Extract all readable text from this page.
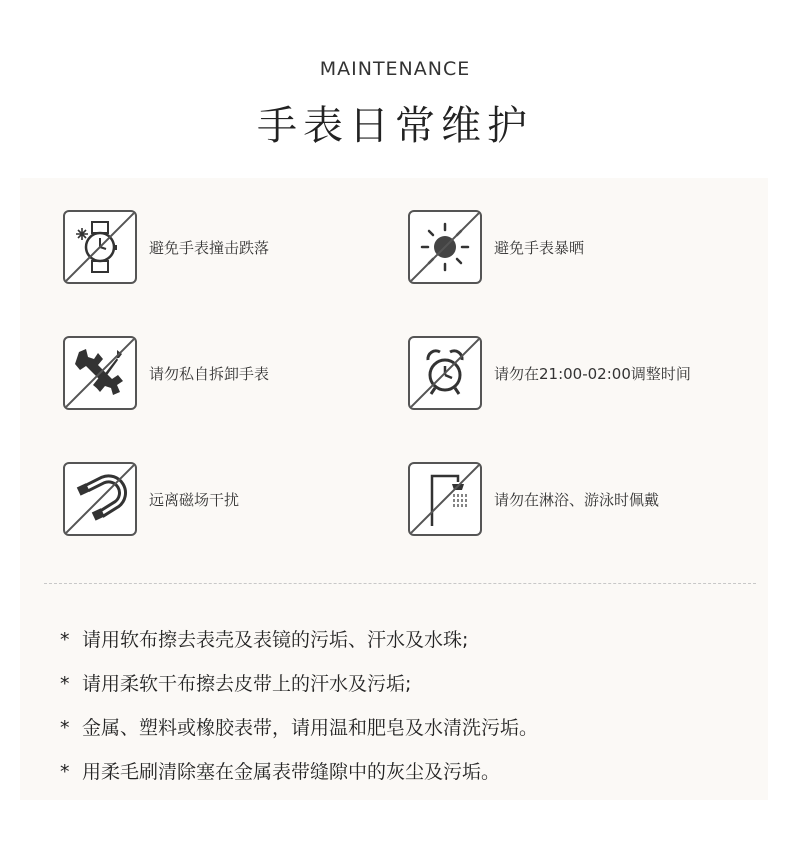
MAINTENANCE
手表日常维护
避免手表撞击跌落	避免手表暴晒
请勿私自拆卸手表	请勿在21:00-02:00调整时间
远离磁场干扰	请勿在淋浴、游泳时佩戴
* 请用软布擦去表壳及表镜的污垢、汗水及水珠;
* 请用柔软干布擦去皮带上的汗水及污垢;
* 金属、塑料或橡胶表带，请用温和肥皂及水清洗污垢。
* 用柔毛刷清除塞在金属表带缝隙中的灰尘及污垢。
